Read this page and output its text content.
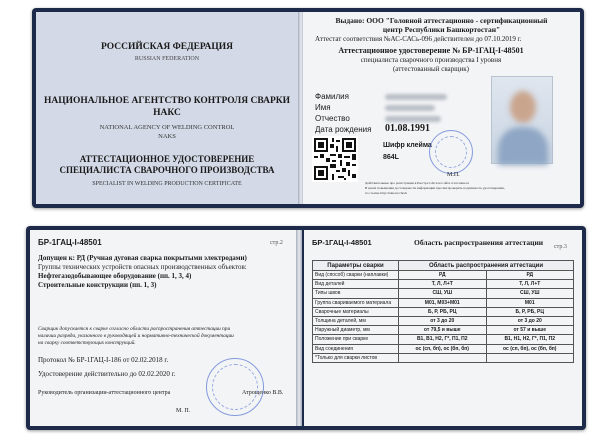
РОССИЙСКАЯ ФЕДЕРАЦИЯ
RUSSIAN FEDERATION
НАЦИОНАЛЬНОЕ АГЕНТСТВО КОНТРОЛЯ СВАРКИ
НАКС
NATIONAL AGENCY OF WELDING CONTROL
NAKS
АТТЕСТАЦИОННОЕ УДОСТОВЕРЕНИЕ
СПЕЦИАЛИСТА СВАРОЧНОГО ПРОИЗВОДСТВА
SPECIALIST IN WELDING PRODUCTION CERTIFICATE
Выдано: ООО "Головной аттестационно - сертификационный
центр Республики Башкортостан"
Аттестат соответствия №АС-САСь-096 действителен до 07.10.2019 г.
Аттестационное удостоверение № БР-1ГАЦ-I-48501
специалиста сварочного производства I уровня
(аттестованный сварщик)
Фамилия
Имя
Отчество
Дата рождения 01.08.1991
Шифр клейма
864L
М.П.
Действительные про регистрации в Реестре САСв на сайте www.naks.ru
В целях повышения достоверности информации просим проверить подлинность удостоверения,
по ссылке http://naks.ru/check
БР-1ГАЦ-I-48501	стр.2
Допущен к: РД (Ручная дуговая сварка покрытыми электродами)
Группы технических устройств опасных производственных объектов:
Нефтегазодобывающее оборудование (пп. 1, 3, 4)
Строительные конструкции (пп. 1, 3)
Сварщик допускается к сварке согласно области распространения аттестации при
наличии разряда, указанного в руководящей и нормативно-технической документации
на сварку соответствующих конструкций.
Протокол № БР-1ГАЦ-I-186 от 02.02.2018 г.
Удостоверение действительно до 02.02.2020 г.
Руководитель организации-аттестационного центра	Атрощенко В.В.
М. П.
БР-1ГАЦ-I-48501	Область распространения аттестации стр.3
Параметры сварки	Область распространения аттестации	
Вид (способ) сварки (наплавки)	РД	РД
Вид деталей	Т, Л, Л+Т	Т, Л, Л+Т
Типы швов	СШ, УШ	СШ, УШ
Группа свариваемого материала	М01, М03+М01	М01
Сварочные материалы	Б, Р, РБ, РЦ	Б, Р, РБ, РЦ
Толщина деталей, мм	от 3 до 20	от 3 до 20
Наружный диаметр, мм	от 79,5 и выше	от 57 и выше
Положение при сварке	В1, В1, Н2, Г*, П1, П2	В1, Н1, Н2, Г*, П1, П2
Вид соединения	ос (сп, бп), ос (бп, бп)	ос (сп, бп), ос (бп, бп)
*Только для сварки листов		
